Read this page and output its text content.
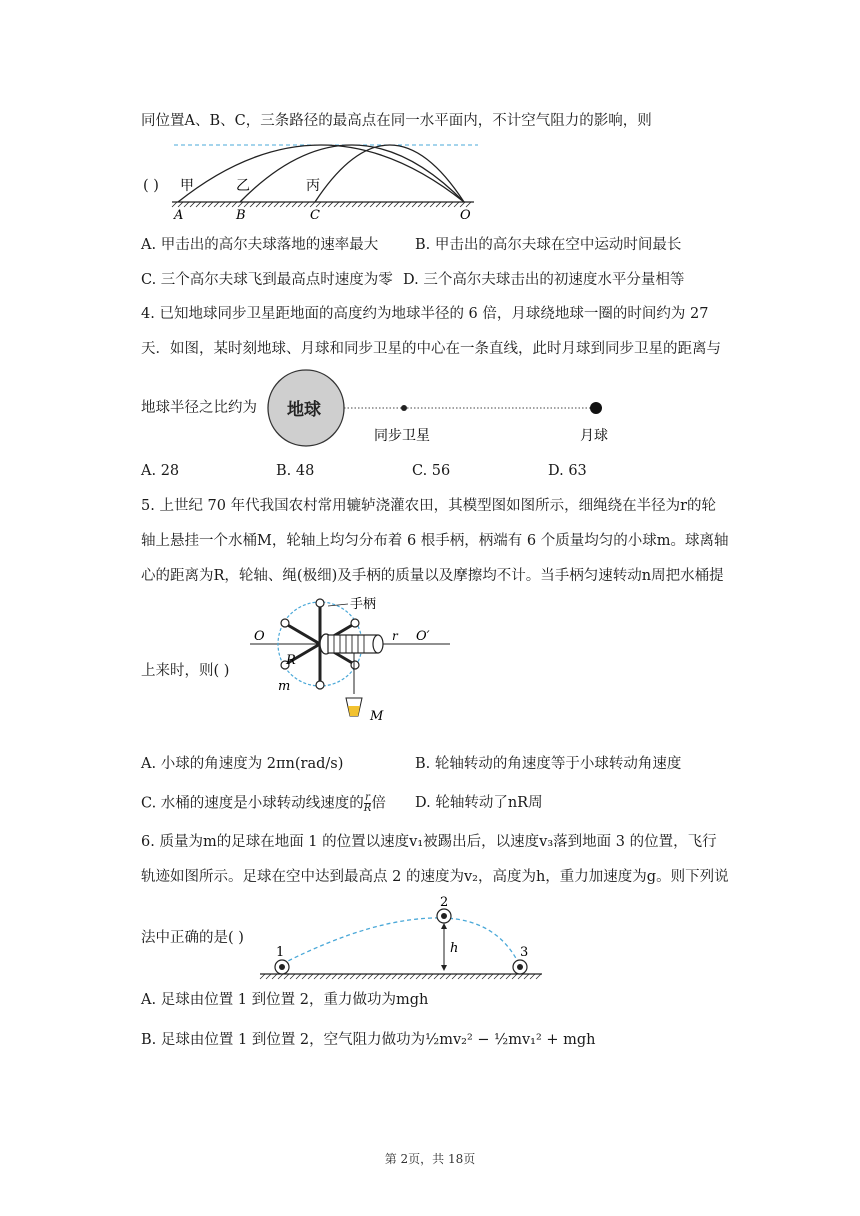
同位置A、B、C，三条路径的最高点在同一水平面内，不计空气阻力的影响，则
甲	乙	丙
A	B	C	O
( )
A. 甲击出的高尔夫球落地的速率最大	B. 甲击出的高尔夫球在空中运动时间最长
C. 三个高尔夫球飞到最高点时速度为零 D. 三个高尔夫球击出的初速度水平分量相等
4. 已知地球同步卫星距地面的高度约为地球半径的 6 倍，月球绕地球一圈的时间约为 27
天．如图，某时刻地球、月球和同步卫星的中心在一条直线，此时月球到同步卫星的距离与
地球半径之比约为 地球
同步卫星	月球
A. 28	B. 48	C. 56	D. 63
5. 上世纪 70 年代我国农村常用辘轳浇灌农田，其模型图如图所示，细绳绕在半径为r的轮
轴上悬挂一个水桶M，轮轴上均匀分布着 6 根手柄，柄端有 6 个质量均匀的小球m。球离轴
心的距离为R，轮轴、绳(极细)及手柄的质量以及摩擦均不计。当手柄匀速转动n周把水桶提
上来时，则( )
手柄
O	O′
r
R
m
M
A. 小球的角速度为 2πn(rad/s)	B. 轮轴转动的角速度等于小球转动角速度
C. 水桶的速度是小球转动线速度的 $\frac{r}{R}$ 倍 D. 轮轴转动了nR周
6. 质量为m的足球在地面 1 的位置以速度v₁被踢出后，以速度v₃落到地面 3 的位置，飞行
轨迹如图所示。足球在空中达到最高点 2 的速度为v₂，高度为h，重力加速度为g。则下列说
法中正确的是( )
1
2
3
h
A. 足球由位置 1 到位置 2，重力做功为mgh
B. 足球由位置 1 到位置 2，空气阻力做功为½mv₂² − ½mv₁² + mgh
第 2页，共 18页
